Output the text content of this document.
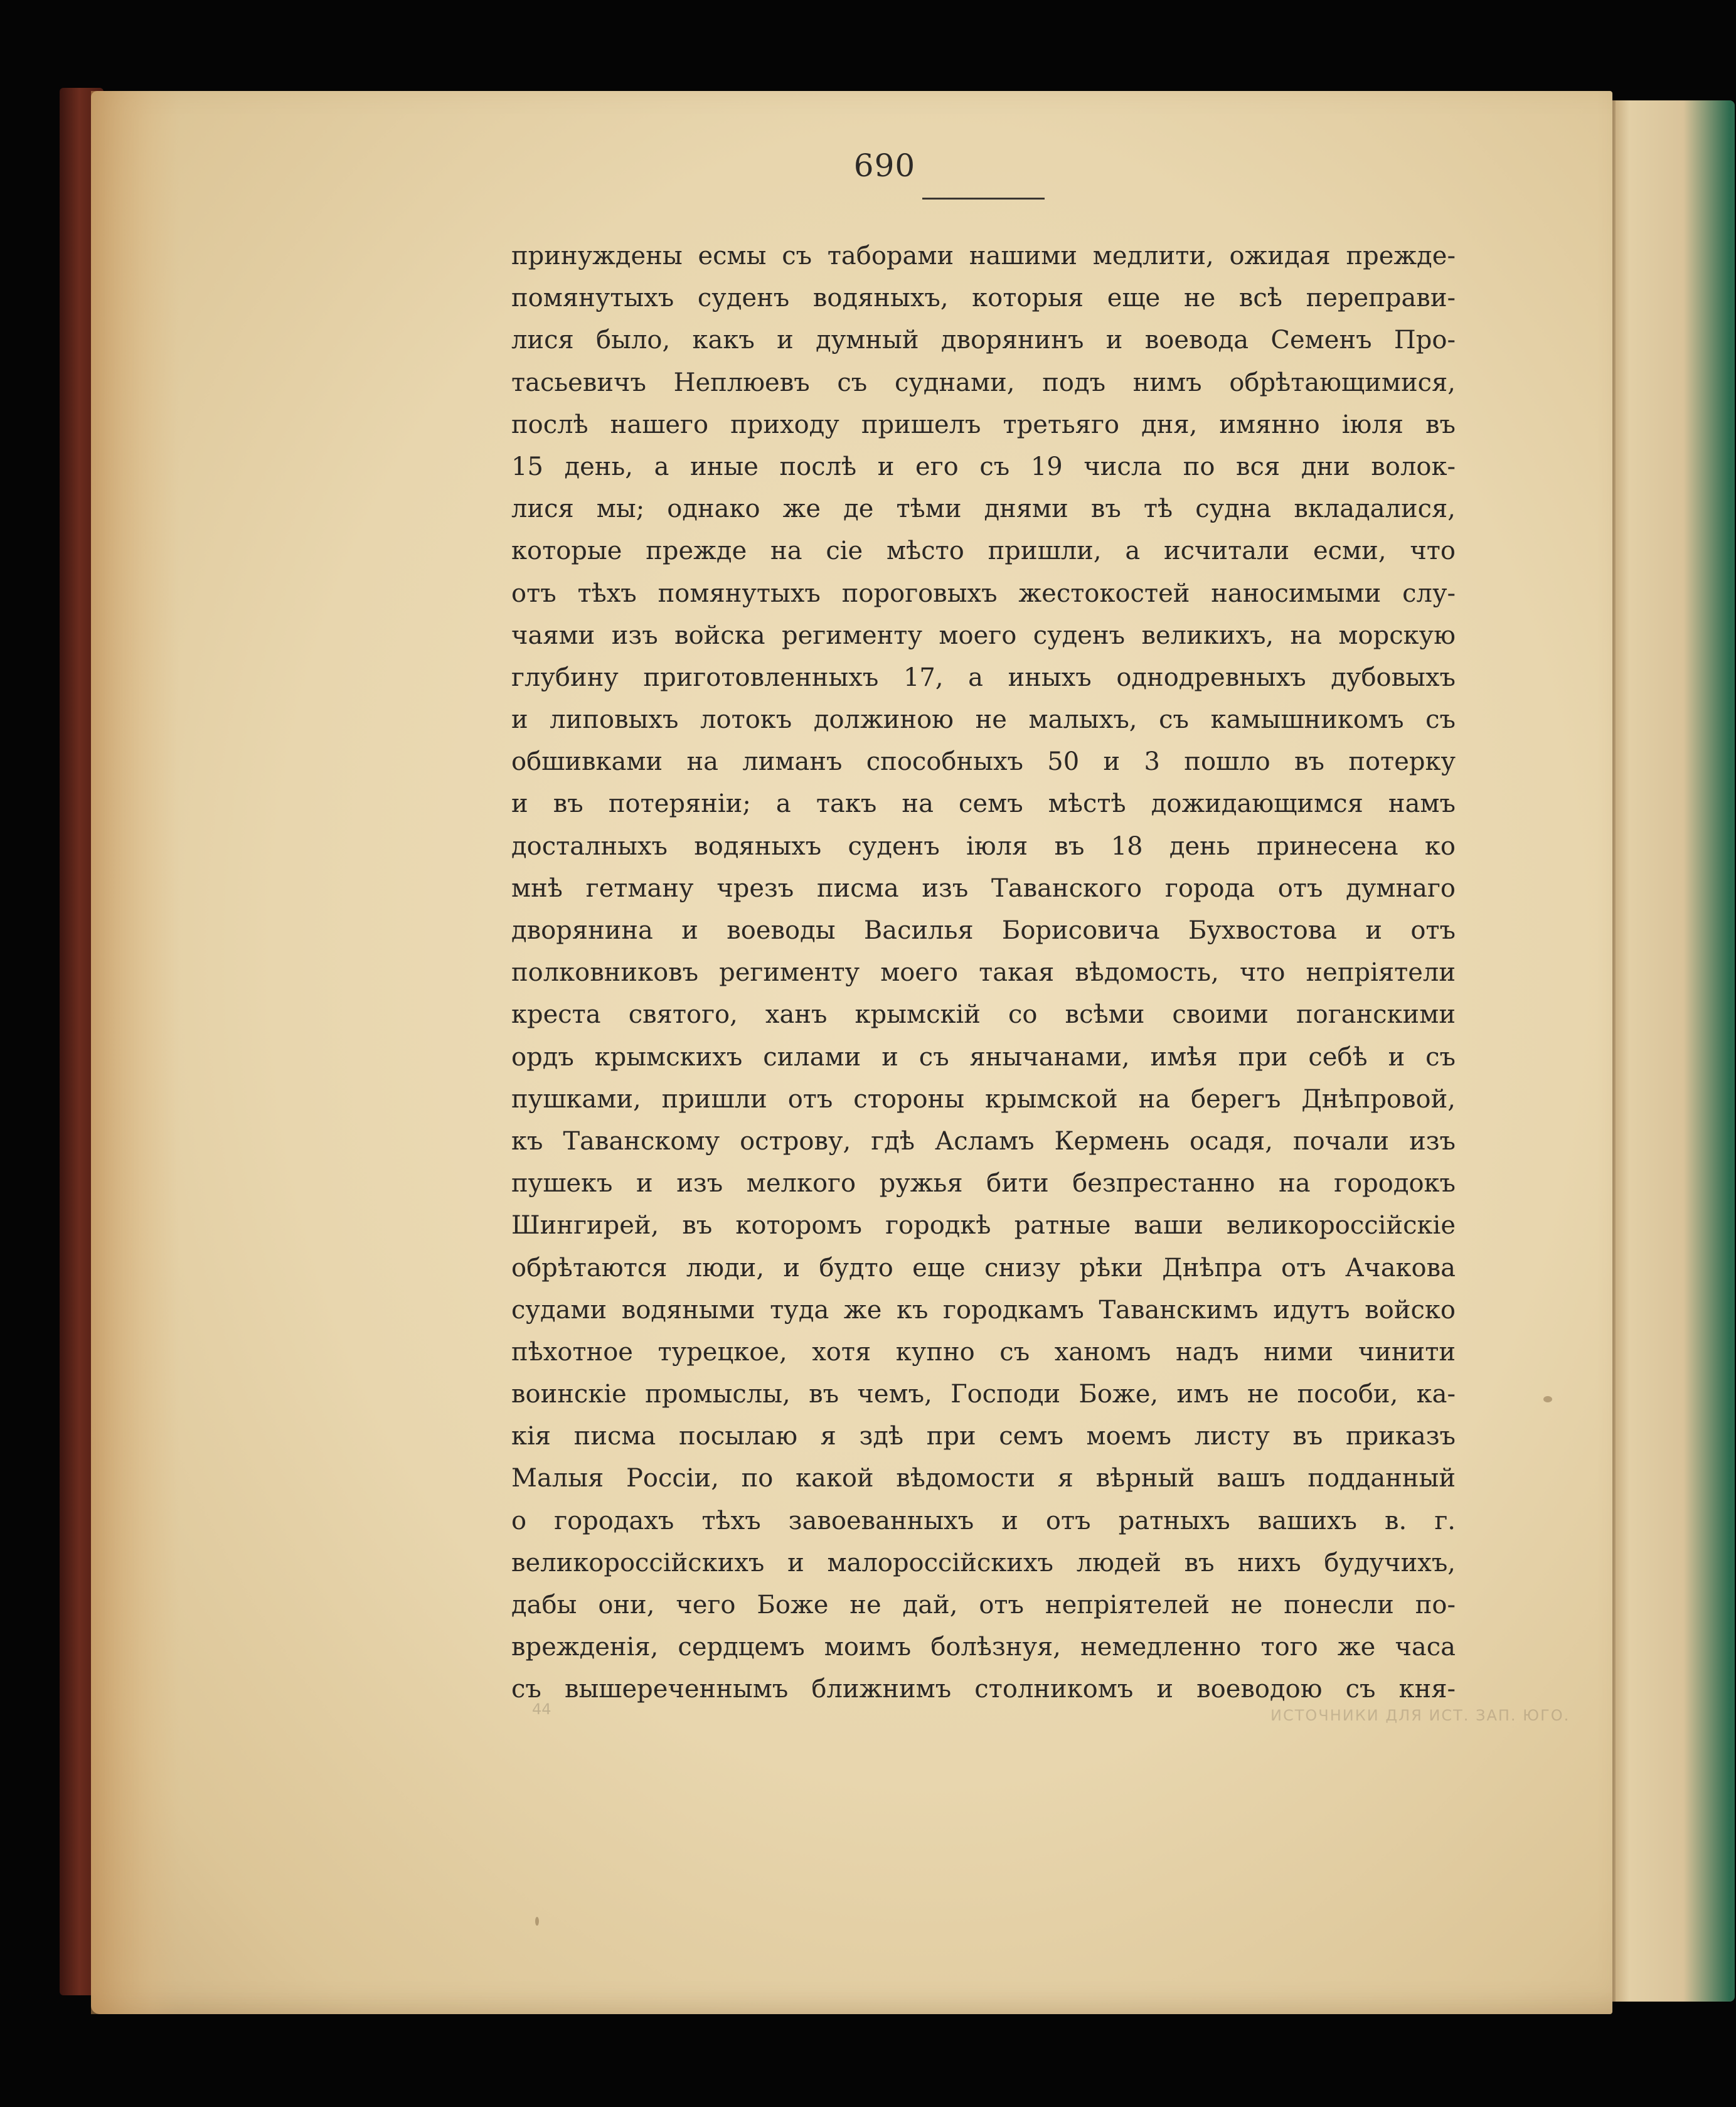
690
принуждены есмы съ таборами нашими медлити, ожидая преждe-
помянутыхъ суденъ водяныхъ, которыя еще не всѣ переправи-
лися было, какъ и думный дворянинъ и воевода Семенъ Про-
тасьевичъ Неплюевъ съ суднами, подъ нимъ обрѣтающимися,
послѣ нашего приходу пришелъ третьяго дня, имянно iюля въ
15 день, а иные послѣ и его съ 19 числа по вся дни волок-
лися мы; однако же де тѣми днями въ тѣ судна вкладалися,
которые прежде на сie мѣсто пришли, а исчитали есми, что
отъ тѣхъ помянутыхъ пороговыхъ жестокостей наносимыми слу-
чаями изъ войска регименту моего суденъ великихъ, на морскую
глубину приготовленныхъ 17, а иныхъ однодревныхъ дубовыхъ
и липовыхъ лотокъ должиною не малыхъ, съ камышникомъ съ
обшивками на лиманъ способныхъ 50 и 3 пошло въ потерку
и въ потерянiи; а такъ на семъ мѣстѣ дожидающимся намъ
досталныхъ водяныхъ суденъ iюля въ 18 день принесена ко
мнѣ гетману чрезъ писма изъ Таванского города отъ думнаго
дворянина и воеводы Василья Борисовича Бухвостова и отъ
полковниковъ регименту моего такая вѣдомость, что непрiятели
креста святого, ханъ крымскiй со всѣми своими поганскими
ордъ крымскихъ силами и съ янычанами, имѣя при себѣ и съ
пушками, пришли отъ стороны крымской на берегъ Днѣпровой,
къ Таванскому острову, гдѣ Асламъ Кермень осадя, почали изъ
пушекъ и изъ мелкого ружья бити безпрестанно на городокъ
Шингирей, въ которомъ городкѣ ратные ваши великороссiйскie
обрѣтаются люди, и будто еще снизу рѣки Днѣпра отъ Ачакова
судами водяными туда же къ городкамъ Таванскимъ идутъ войско
пѣхотное турецкое, хотя купно съ ханомъ надъ ними чинити
воинскie промыслы, въ чемъ, Господи Боже, имъ не пособи, ка-
кiя писма посылаю я здѣ при семъ моемъ листу въ приказъ
Малыя Россiи, по какой вѣдомости я вѣрный вашъ подданный
о городахъ тѣхъ завоеванныхъ и отъ ратныхъ вашихъ в. г.
великороссiйскихъ и малороссiйскихъ людей въ нихъ будучихъ,
дабы они, чего Боже не дай, отъ непрiятелей не понесли по-
врежденiя, сердцемъ моимъ болѣзнуя, немедленно того же часа
съ вышереченнымъ ближнимъ столникомъ и воеводою съ кня-
44	ИСТОЧНИКИ ДЛЯ ИСТ. ЗАП. ЮГО.
